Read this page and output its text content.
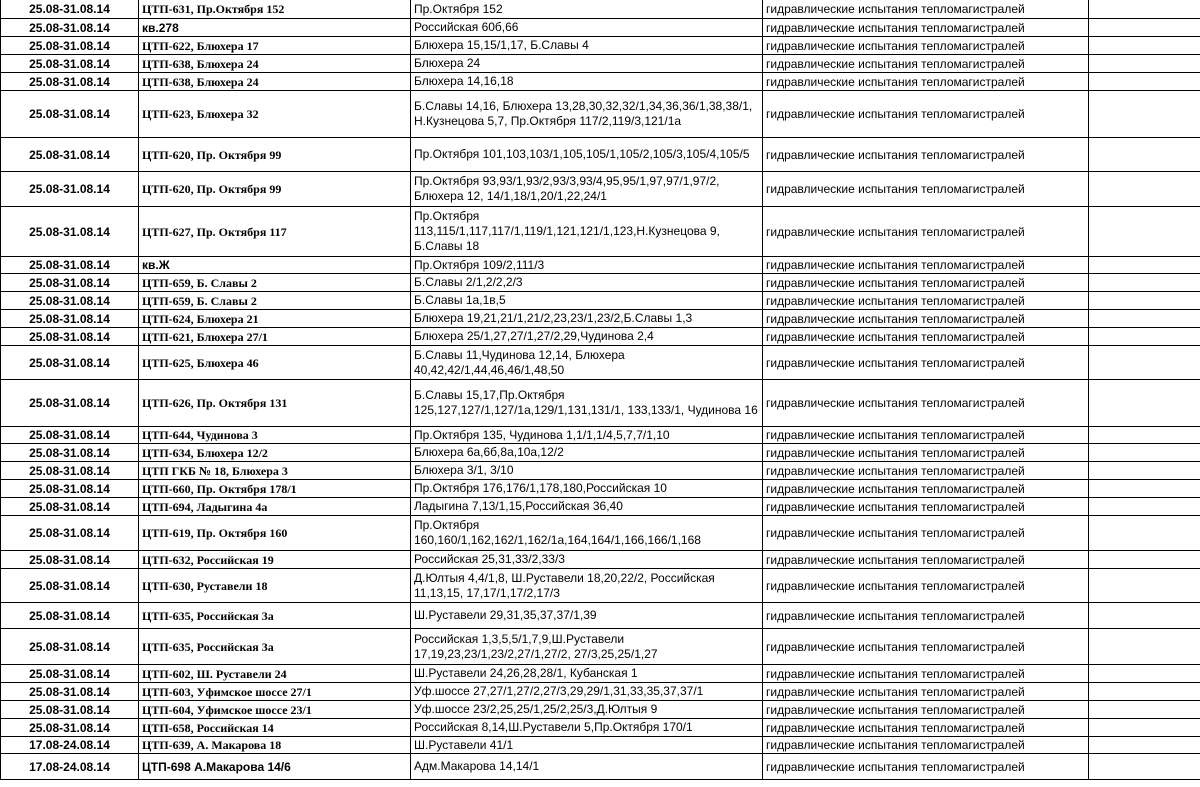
25.08-31.08.14	ЦТП-631, Пр.Октября 152	Пр.Октября 152	гидравлические испытания тепломагистралей	
25.08-31.08.14	кв.278	Российская 60б,66	гидравлические испытания тепломагистралей	
25.08-31.08.14	ЦТП-622, Блюхера 17	Блюхера 15,15/1,17, Б.Славы 4	гидравлические испытания тепломагистралей	
25.08-31.08.14	ЦТП-638, Блюхера 24	Блюхера 24	гидравлические испытания тепломагистралей	
25.08-31.08.14	ЦТП-638, Блюхера 24	Блюхера 14,16,18	гидравлические испытания тепломагистралей	
25.08-31.08.14	ЦТП-623, Блюхера 32	Б.Славы 14,16, Блюхера 13,28,30,32,32/1,34,36,36/1,38,38/1, Н.Кузнецова 5,7, Пр.Октября 117/2,119/3,121/1а	гидравлические испытания тепломагистралей	
25.08-31.08.14	ЦТП-620, Пр. Октября 99	Пр.Октября 101,103,103/1,105,105/1,105/2,105/3,105/4,105/5	гидравлические испытания тепломагистралей	
25.08-31.08.14	ЦТП-620, Пр. Октября 99	Пр.Октября 93,93/1,93/2,93/3,93/4,95,95/1,97,97/1,97/2, Блюхера 12, 14/1,18/1,20/1,22,24/1	гидравлические испытания тепломагистралей	
25.08-31.08.14	ЦТП-627, Пр. Октября 117	Пр.Октября 113,115/1,117,117/1,119/1,121,121/1,123,Н.Кузнецова 9, Б.Славы 18	гидравлические испытания тепломагистралей	
25.08-31.08.14	кв.Ж	Пр.Октября 109/2,111/3	гидравлические испытания тепломагистралей	
25.08-31.08.14	ЦТП-659, Б. Славы 2	Б.Славы 2/1,2/2,2/3	гидравлические испытания тепломагистралей	
25.08-31.08.14	ЦТП-659, Б. Славы 2	Б.Славы 1а,1в,5	гидравлические испытания тепломагистралей	
25.08-31.08.14	ЦТП-624, Блюхера 21	Блюхера 19,21,21/1,21/2,23,23/1,23/2,Б.Славы 1,3	гидравлические испытания тепломагистралей	
25.08-31.08.14	ЦТП-621, Блюхера 27/1	Блюхера 25/1,27,27/1,27/2,29,Чудинова 2,4	гидравлические испытания тепломагистралей	
25.08-31.08.14	ЦТП-625, Блюхера 46	Б.Славы 11,Чудинова 12,14, Блюхера 40,42,42/1,44,46,46/1,48,50	гидравлические испытания тепломагистралей	
25.08-31.08.14	ЦТП-626, Пр. Октября 131	Б.Славы 15,17,Пр.Октября 125,127,127/1,127/1а,129/1,131,131/1, 133,133/1, Чудинова 16	гидравлические испытания тепломагистралей	
25.08-31.08.14	ЦТП-644, Чудинова 3	Пр.Октября 135, Чудинова 1,1/1,1/4,5,7,7/1,10	гидравлические испытания тепломагистралей	
25.08-31.08.14	ЦТП-634, Блюхера 12/2	Блюхера 6а,6б,8а,10а,12/2	гидравлические испытания тепломагистралей	
25.08-31.08.14	ЦТП ГКБ № 18, Блюхера 3	Блюхера 3/1, 3/10	гидравлические испытания тепломагистралей	
25.08-31.08.14	ЦТП-660, Пр. Октября 178/1	Пр.Октября 176,176/1,178,180,Российская 10	гидравлические испытания тепломагистралей	
25.08-31.08.14	ЦТП-694, Ладыгина 4а	Ладыгина 7,13/1,15,Российская 36,40	гидравлические испытания тепломагистралей	
25.08-31.08.14	ЦТП-619, Пр. Октября 160	Пр.Октября 160,160/1,162,162/1,162/1а,164,164/1,166,166/1,168	гидравлические испытания тепломагистралей	
25.08-31.08.14	ЦТП-632, Российская 19	Российская 25,31,33/2,33/3	гидравлические испытания тепломагистралей	
25.08-31.08.14	ЦТП-630, Руставели 18	Д.Юлтыя 4,4/1,8, Ш.Руставели 18,20,22/2, Российская 11,13,15, 17,17/1,17/2,17/3	гидравлические испытания тепломагистралей	
25.08-31.08.14	ЦТП-635, Российская 3а	Ш.Руставели 29,31,35,37,37/1,39	гидравлические испытания тепломагистралей	
25.08-31.08.14	ЦТП-635, Российская 3а	Российская 1,3,5,5/1,7,9,Ш.Руставели 17,19,23,23/1,23/2,27/1,27/2, 27/3,25,25/1,27	гидравлические испытания тепломагистралей	
25.08-31.08.14	ЦТП-602, Ш. Руставели 24	Ш.Руставели 24,26,28,28/1, Кубанская 1	гидравлические испытания тепломагистралей	
25.08-31.08.14	ЦТП-603, Уфимское шоссе 27/1	Уф.шоссе 27,27/1,27/2,27/3,29,29/1,31,33,35,37,37/1	гидравлические испытания тепломагистралей	
25.08-31.08.14	ЦТП-604, Уфимское шоссе 23/1	Уф.шоссе 23/2,25,25/1,25/2,25/3,Д.Юлтыя 9	гидравлические испытания тепломагистралей	
25.08-31.08.14	ЦТП-658, Российская 14	Российская 8,14,Ш.Руставели 5,Пр.Октября 170/1	гидравлические испытания тепломагистралей	
17.08-24.08.14	ЦТП-639, А. Макарова 18	Ш.Руставели 41/1	гидравлические испытания тепломагистралей	
17.08-24.08.14	ЦТП-698 А.Макарова 14/6	Адм.Макарова 14,14/1	гидравлические испытания тепломагистралей	
